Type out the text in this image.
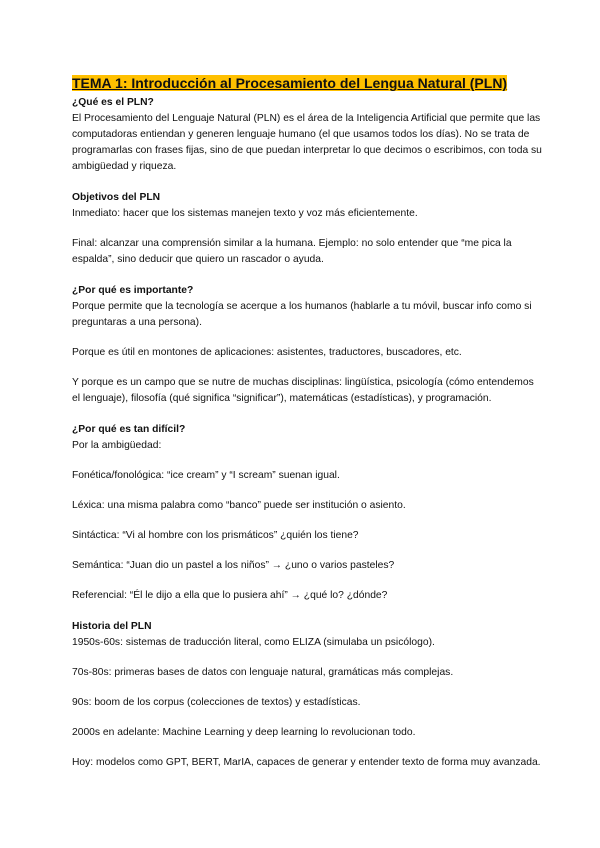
TEMA 1: Introducción al Procesamiento del Lengua Natural (PLN)

¿Qué es el PLN?

El Procesamiento del Lenguaje Natural (PLN) es el área de la Inteligencia Artificial que permite que las computadoras entiendan y generen lenguaje humano (el que usamos todos los días). No se trata de programarlas con frases fijas, sino de que puedan interpretar lo que decimos o escribimos, con toda su ambigüedad y riqueza.

Objetivos del PLN

Inmediato: hacer que los sistemas manejen texto y voz más eficientemente.

Final: alcanzar una comprensión similar a la humana. Ejemplo: no solo entender que “me pica la espalda”, sino deducir que quiero un rascador o ayuda.

¿Por qué es importante?

Porque permite que la tecnología se acerque a los humanos (hablarle a tu móvil, buscar info como si preguntaras a una persona).

Porque es útil en montones de aplicaciones: asistentes, traductores, buscadores, etc.

Y porque es un campo que se nutre de muchas disciplinas: lingüística, psicología (cómo entendemos el lenguaje), filosofía (qué significa “significar”), matemáticas (estadísticas), y programación.

¿Por qué es tan difícil?

Por la ambigüedad:

Fonética/fonológica: “ice cream” y “I scream” suenan igual.

Léxica: una misma palabra como “banco” puede ser institución o asiento.

Sintáctica: “Vi al hombre con los prismáticos” ¿quién los tiene?

Semántica: “Juan dio un pastel a los niños” → ¿uno o varios pasteles?

Referencial: “Él le dijo a ella que lo pusiera ahí” → ¿qué lo? ¿dónde?

Historia del PLN

1950s-60s: sistemas de traducción literal, como ELIZA (simulaba un psicólogo).

70s-80s: primeras bases de datos con lenguaje natural, gramáticas más complejas.

90s: boom de los corpus (colecciones de textos) y estadísticas.

2000s en adelante: Machine Learning y deep learning lo revolucionan todo.

Hoy: modelos como GPT, BERT, MarIA, capaces de generar y entender texto de forma muy avanzada.
